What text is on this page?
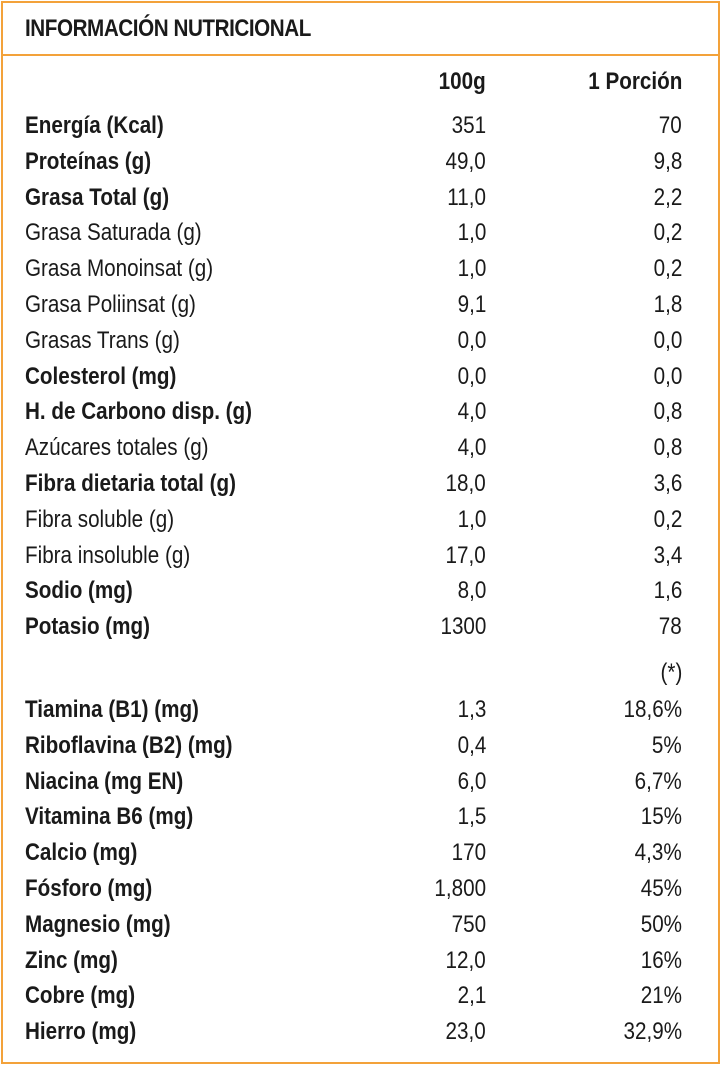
INFORMACIÓN NUTRICIONAL
100g	1 Porción
Energía (Kcal)	351	70
Proteínas (g)	49,0	9,8
Grasa Total (g)	11,0	2,2
Grasa Saturada (g)	1,0	0,2
Grasa Monoinsat (g)	1,0	0,2
Grasa Poliinsat (g)	9,1	1,8
Grasas Trans (g)	0,0	0,0
Colesterol (mg)	0,0	0,0
H. de Carbono disp. (g)	4,0	0,8
Azúcares totales (g)	4,0	0,8
Fibra dietaria total (g)	18,0	3,6
Fibra soluble (g)	1,0	0,2
Fibra insoluble (g)	17,0	3,4
Sodio (mg)	8,0	1,6
Potasio (mg)	1300	78
(*)
Tiamina (B1) (mg)	1,3	18,6%
Riboflavina (B2) (mg)	0,4	5%
Niacina (mg EN)	6,0	6,7%
Vitamina B6 (mg)	1,5	15%
Calcio (mg)	170	4,3%
Fósforo (mg)	1,800	45%
Magnesio (mg)	750	50%
Zinc (mg)	12,0	16%
Cobre (mg)	2,1	21%
Hierro (mg)	23,0	32,9%
